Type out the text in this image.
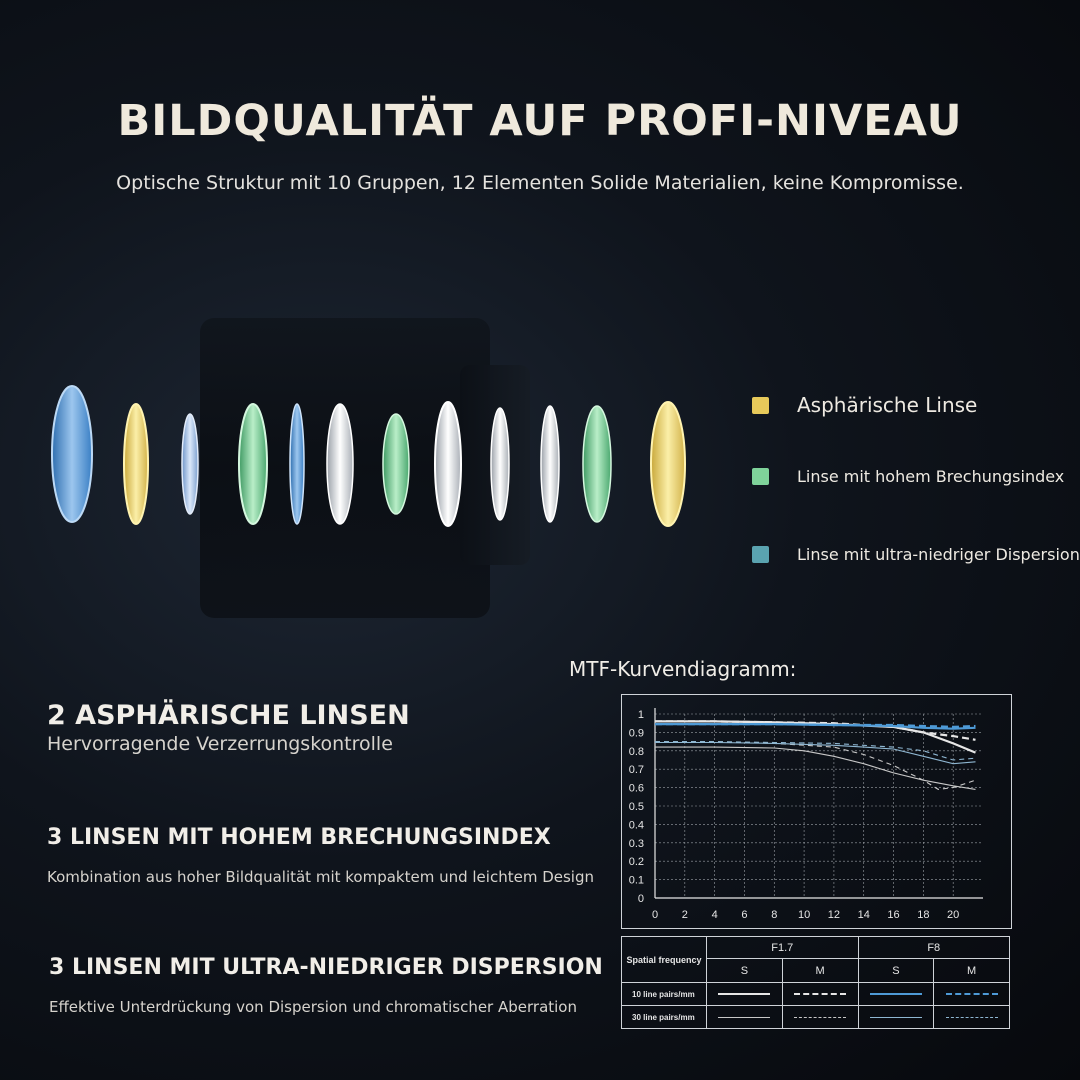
BILDQUALITÄT AUF PROFI-NIVEAU
Optische Struktur mit 10 Gruppen, 12 Elementen Solide Materialien, keine Kompromisse.
Asphärische Linse
Linse mit hohem Brechungsindex
Linse mit ultra-niedriger Dispersion
2 ASPHÄRISCHE LINSEN

Hervorragende Verzerrungskontrolle

3 LINSEN MIT HOHEM BRECHUNGSINDEX

Kombination aus hoher Bildqualität mit kompaktem und leichtem Design

3 LINSEN MIT ULTRA-NIEDRIGER DISPERSION

Effektive Unterdrückung von Dispersion und chromatischer Aberration

MTF-Kurvendiagramm:
0
0.1
0.2
0.3
0.4
0.5
0.6
0.7
0.8
0.9
1
0 2 4 6 8 10 12 14 16 18 20
Spatial frequency	F1.7		F8	
	S	M	S	M
10 line pairs/mm				
30 line pairs/mm				
